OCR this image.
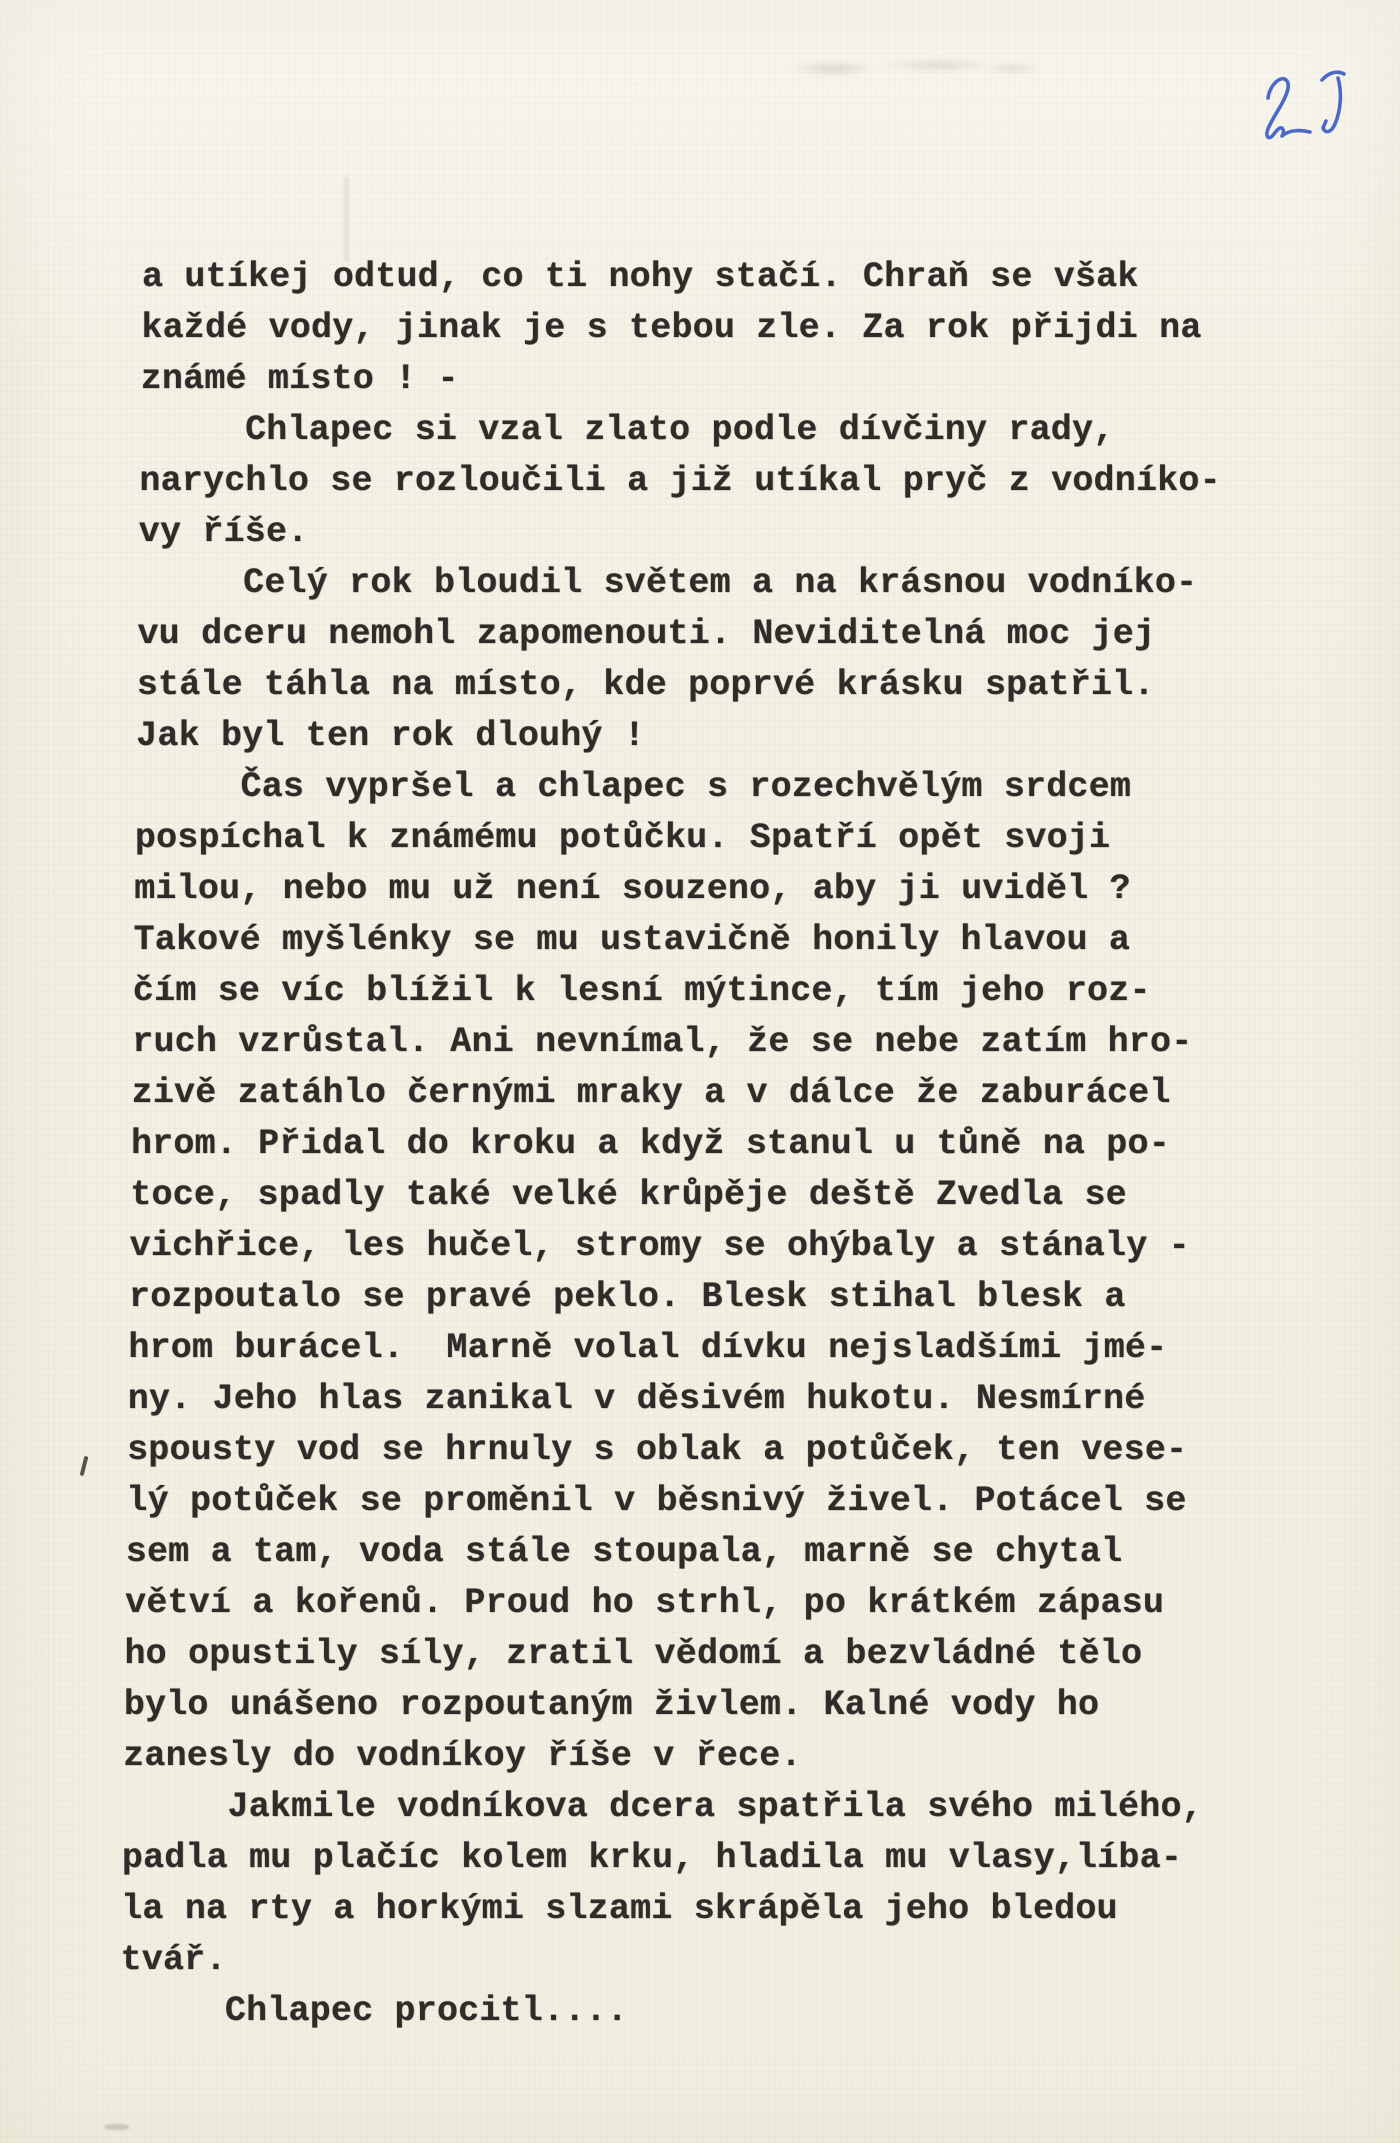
a utíkej odtud, co ti nohy stačí. Chraň se však
každé vody, jinak je s tebou zle. Za rok přijdi na
známé místo ! -
Chlapec si vzal zlato podle dívčiny rady,
narychlo se rozloučili a již utíkal pryč z vodníko-
vy říše.
Celý rok bloudil světem a na krásnou vodníko-
vu dceru nemohl zapomenouti. Neviditelná moc jej
stále táhla na místo, kde poprvé krásku spatřil.
Jak byl ten rok dlouhý !
Čas vypršel a chlapec s rozechvělým srdcem
pospíchal k známému potůčku. Spatří opět svoji
milou, nebo mu už není souzeno, aby ji uviděl ?
Takové myšlénky se mu ustavičně honily hlavou a
čím se víc blížil k lesní mýtince, tím jeho roz-
ruch vzrůstal. Ani nevnímal, že se nebe zatím hro-
zivě zatáhlo černými mraky a v dálce že zaburácel
hrom. Přidal do kroku a když stanul u tůně na po-
toce, spadly také velké krůpěje deště Zvedla se
vichřice, les hučel, stromy se ohýbaly a stánaly -
rozpoutalo se pravé peklo. Blesk stihal blesk a
hrom burácel.  Marně volal dívku nejsladšími jmé-
ny. Jeho hlas zanikal v děsivém hukotu. Nesmírné
spousty vod se hrnuly s oblak a potůček, ten vese-
lý potůček se proměnil v běsnivý živel. Potácel se
sem a tam, voda stále stoupala, marně se chytal
větví a kořenů. Proud ho strhl, po krátkém zápasu
ho opustily síly, zratil vědomí a bezvládné tělo
bylo unášeno rozpoutaným živlem. Kalné vody ho
zanesly do vodníkoy říše v řece.
Jakmile vodníkova dcera spatřila svého milého,
padla mu plačíc kolem krku, hladila mu vlasy,líba-
la na rty a horkými slzami skrápěla jeho bledou
tvář.
Chlapec procitl....
